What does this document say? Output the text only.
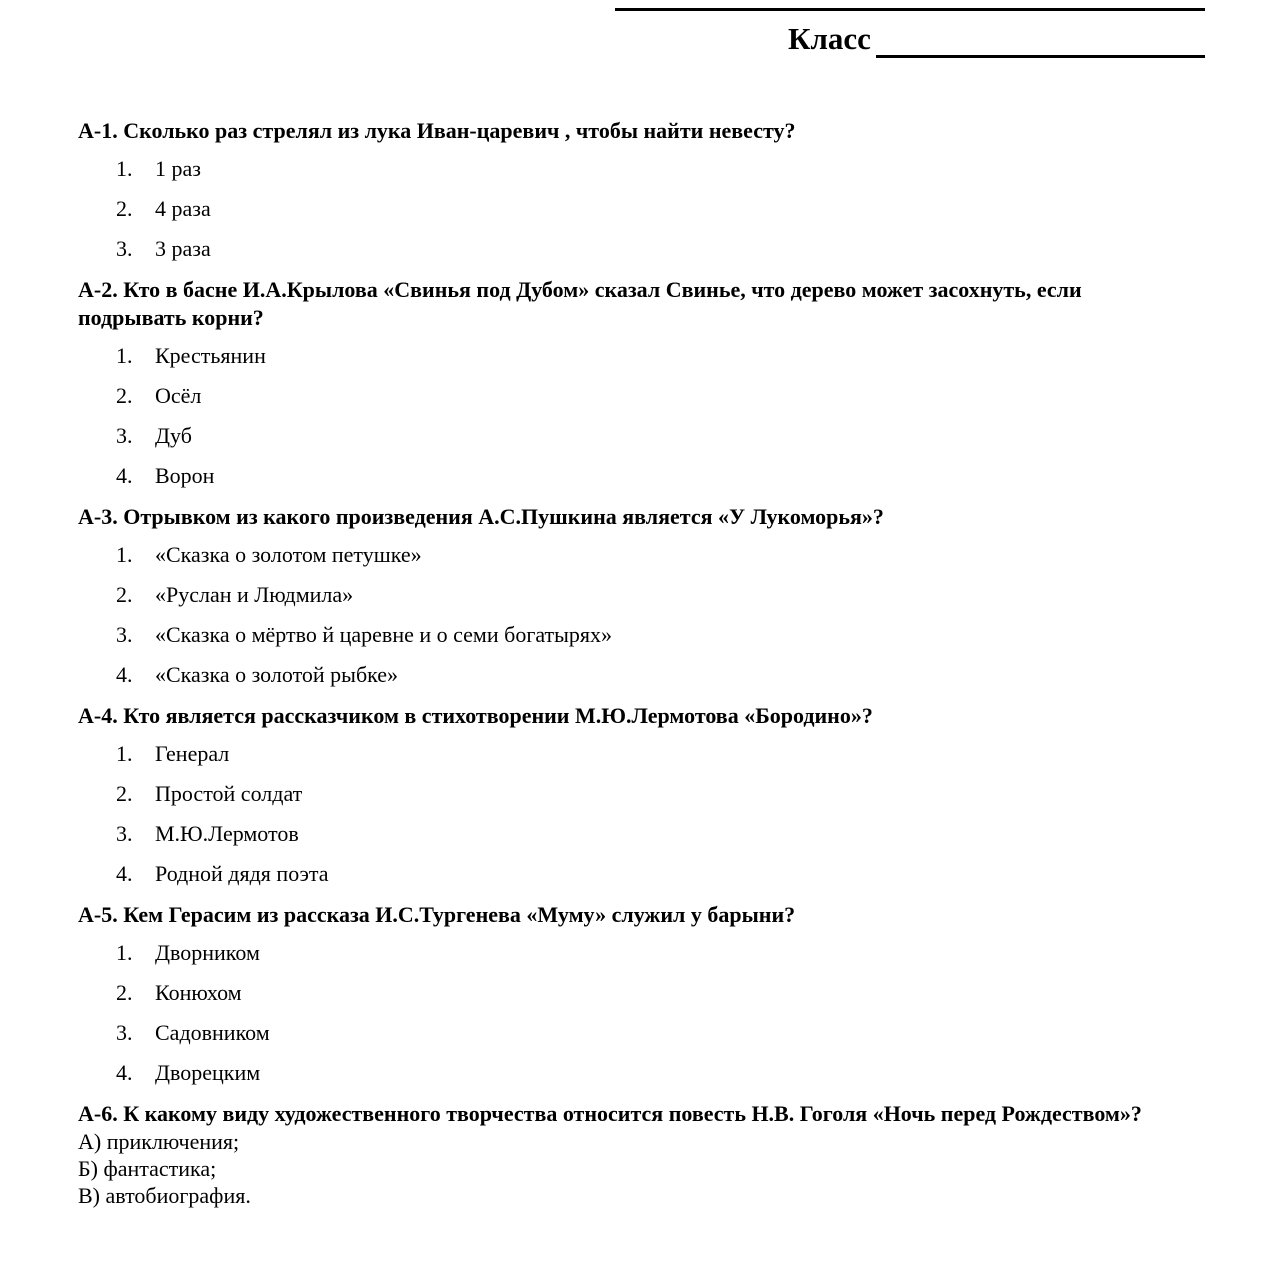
Класс

А-1. Сколько раз стрелял из лука Иван-царевич , чтобы найти невесту?

1 раз
4 раза
3 раза

А-2. Кто в басне И.А.Крылова «Свинья под Дубом» сказал Свинье, что дерево может засохнуть, если подрывать корни?

Крестьянин
Осёл
Дуб
Ворон

А-3. Отрывком из какого произведения А.С.Пушкина является «У Лукоморья»?

«Сказка о золотом петушке»
«Руслан и Людмила»
«Сказка о мёртво й царевне и о семи богатырях»
«Сказка о золотой рыбке»

А-4. Кто является рассказчиком в стихотворении М.Ю.Лермотова «Бородино»?

Генерал
Простой солдат
М.Ю.Лермотов
Родной дядя поэта

А-5. Кем Герасим из рассказа И.С.Тургенева «Муму» служил у барыни?

Дворником
Конюхом
Садовником
Дворецким

А-6. К какому виду художественного творчества относится повесть Н.В. Гоголя «Ночь перед Рождеством»?

А) приключения;

Б) фантастика;

В) автобиография.
